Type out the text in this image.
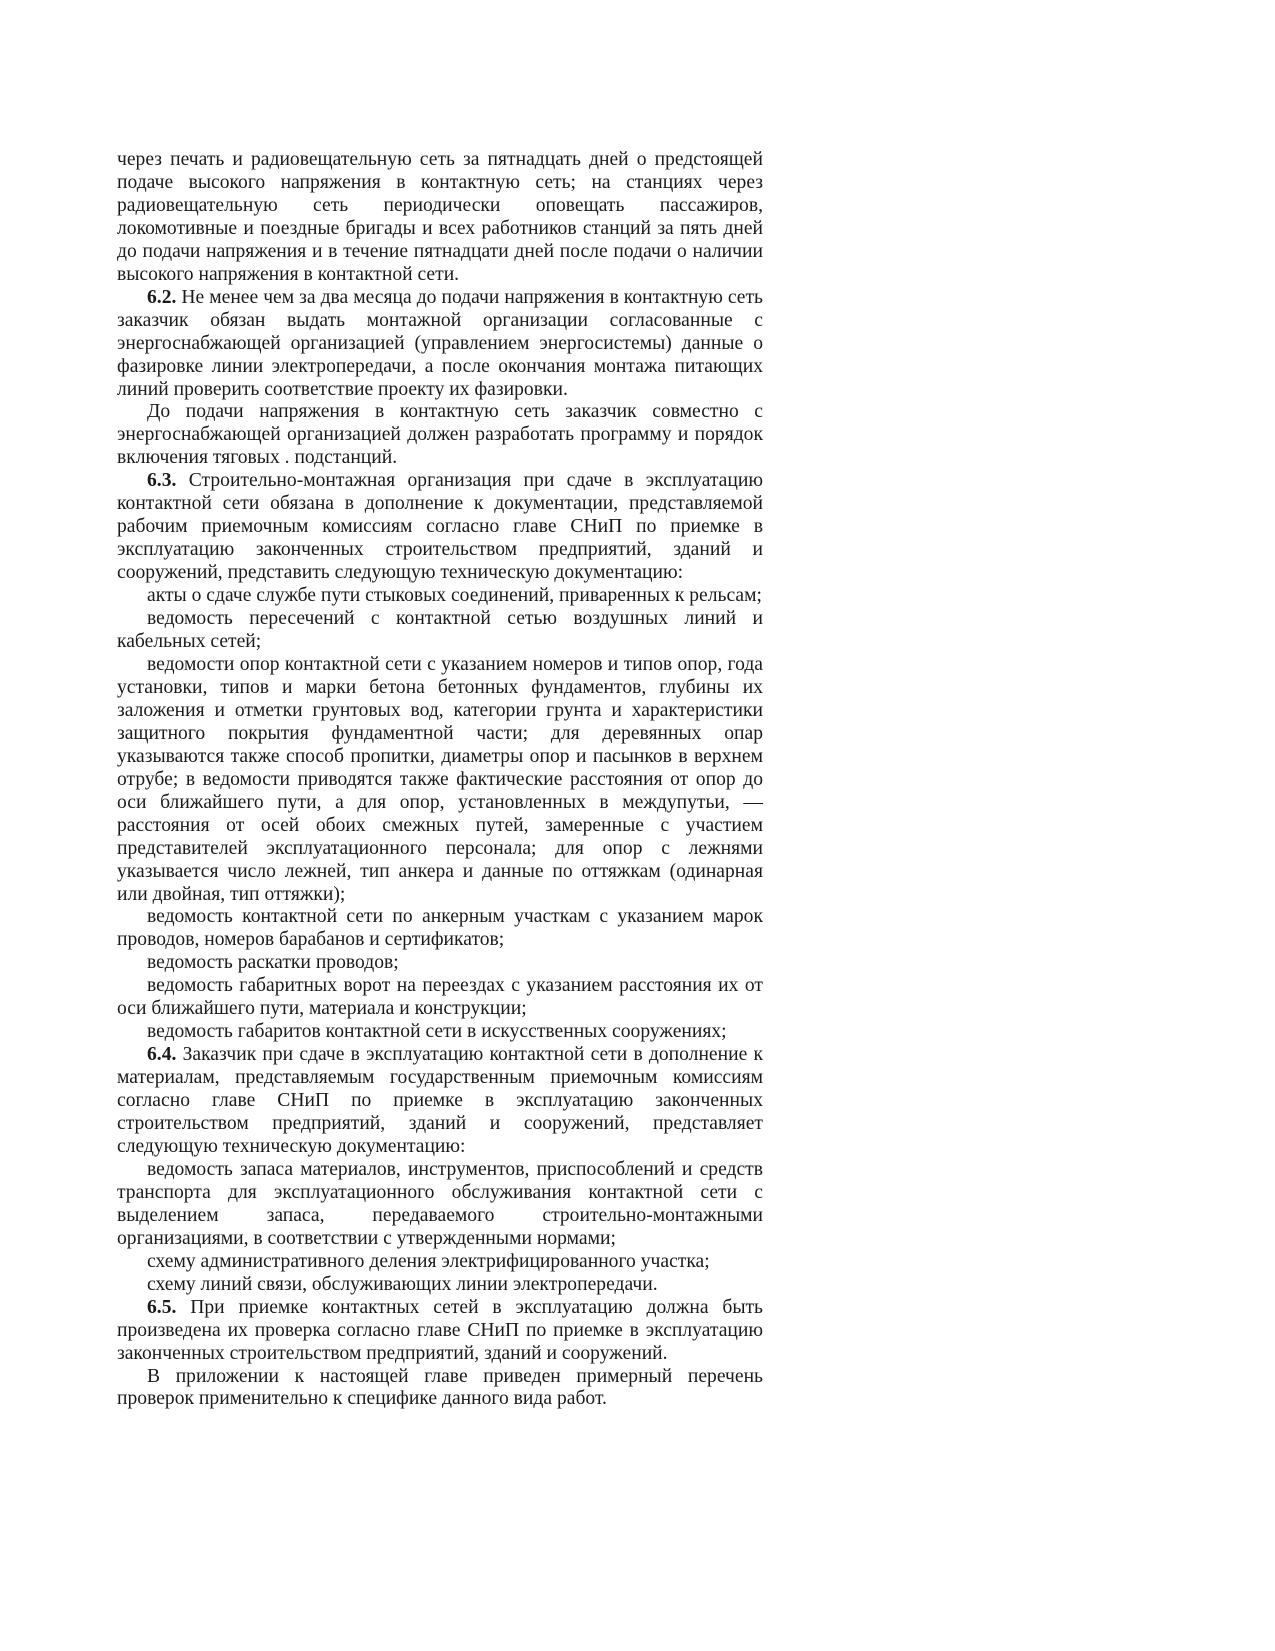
через печать и радиовещательную сеть за пятнадцать дней о предстоящей подаче высокого напряжения в контактную сеть; на станциях через радиовещательную сеть периодически оповещать пассажиров, локомотивные и поездные бригады и всех работников станций за пять дней до подачи напряжения и в течение пятнадцати дней после подачи о наличии высокого напряжения в контактной сети.

6.2. Не менее чем за два месяца до подачи напряжения в контактную сеть заказчик обязан выдать монтажной организации согласованные с энергоснабжающей организацией (управлением энергосистемы) данные о фазировке линии электропередачи, а после окончания монтажа питающих линий проверить соответствие проекту их фазировки.

До подачи напряжения в контактную сеть заказчик совместно с энергоснабжающей организацией должен разработать программу и порядок включения тяговых . подстанций.

6.3. Строительно-монтажная организация при сдаче в эксплуатацию контактной сети обязана в дополнение к документации, представляемой рабочим приемочным комиссиям согласно главе СНиП по приемке в эксплуатацию законченных строительством предприятий, зданий и сооружений, представить следующую техническую документацию:

акты о сдаче службе пути стыковых соединений, приваренных к рельсам;

ведомость пересечений с контактной сетью воздушных линий и кабельных сетей;

ведомости опор контактной сети с указанием номеров и типов опор, года установки, типов и марки бетона бетонных фундаментов, глубины их заложения и отметки грунтовых вод, категории грунта и характеристики защитного покрытия фундаментной части; для деревянных опар указываются также способ пропитки, диаметры опор и пасынков в верхнем отрубе; в ведомости приводятся также фактические расстояния от опор до оси ближайшего пути, а для опор, установленных в междупутьи, — расстояния от осей обоих смежных путей, замеренные с участием представителей эксплуатационного персонала; для опор с лежнями указывается число лежней, тип анкера и данные по оттяжкам (одинарная или двойная, тип оттяжки);

ведомость контактной сети по анкерным участкам с указанием марок проводов, номеров барабанов и сертификатов;

ведомость раскатки проводов;

ведомость габаритных ворот на переездах с указанием расстояния их от оси ближайшего пути, материала и конструкции;

ведомость габаритов контактной сети в искусственных сооружениях;

6.4. Заказчик при сдаче в эксплуатацию контактной сети в дополнение к материалам, представляемым государственным приемочным комиссиям согласно главе СНиП по приемке в эксплуатацию законченных строительством предприятий, зданий и сооружений, представляет следующую техническую документацию:

ведомость запаса материалов, инструментов, приспособлений и средств транспорта для эксплуатационного обслуживания контактной сети с выделением запаса, передаваемого строительно-монтажными организациями, в соответствии с утвержденными нормами;

схему административного деления электрифицированного участка;

схему линий связи, обслуживающих линии электропередачи.

6.5. При приемке контактных сетей в эксплуатацию должна быть произведена их проверка согласно главе СНиП по приемке в эксплуатацию законченных строительством предприятий, зданий и сооружений.

В приложении к настоящей главе приведен примерный перечень проверок применительно к специфике данного вида работ.
